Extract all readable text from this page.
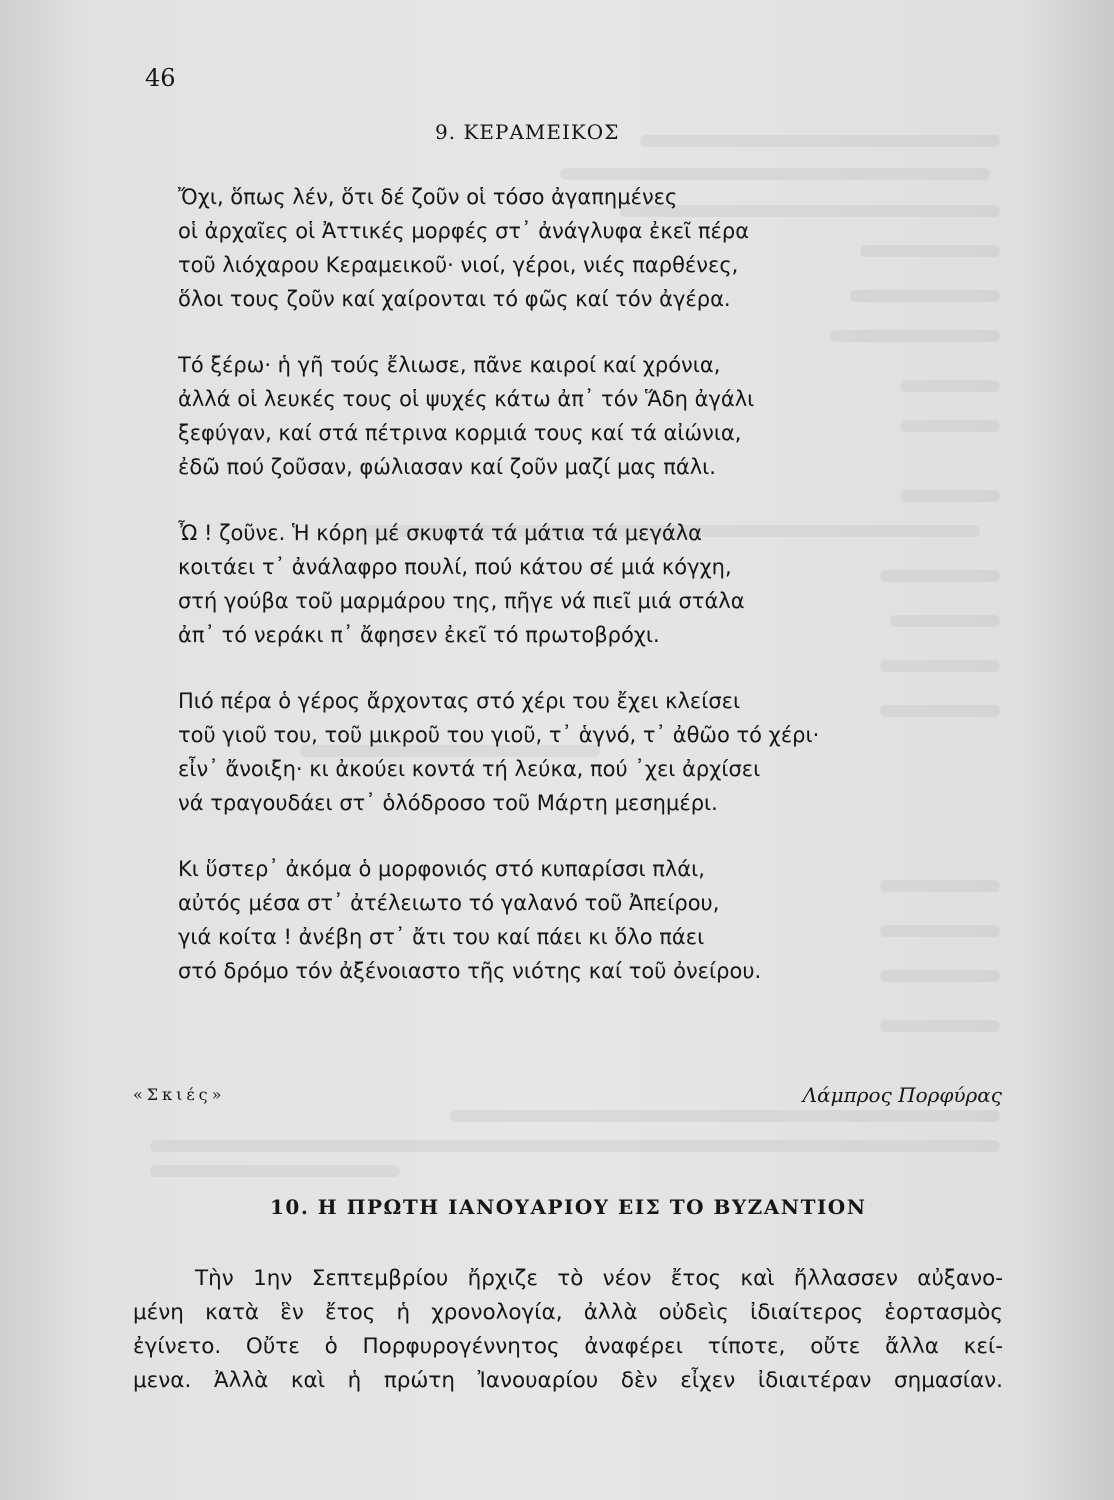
46
9. ΚΕΡΑΜΕΙΚΟΣ
Ὄχι, ὅπως λέν, ὅτι δέ ζοῦν οἱ τόσο ἀγαπημένες
οἱ ἀρχαῖες οἱ Ἀττικές μορφές στ᾽ ἀνάγλυφα ἐκεῖ πέρα
τοῦ λιόχαρου Κεραμεικοῦ· νιοί, γέροι, νιές παρθένες,
ὅλοι τους ζοῦν καί χαίρονται τό φῶς καί τόν ἀγέρα.
Τό ξέρω· ἡ γῆ τούς ἔλιωσε, πᾶνε καιροί καί χρόνια,
ἀλλά οἱ λευκές τους οἱ ψυχές κάτω ἀπ᾽ τόν Ἅδη ἀγάλι
ξεφύγαν, καί στά πέτρινα κορμιά τους καί τά αἰώνια,
ἐδῶ πού ζοῦσαν, φώλιασαν καί ζοῦν μαζί μας πάλι.
Ὦ ! ζοῦνε. Ἡ κόρη μέ σκυφτά τά μάτια τά μεγάλα
κοιτάει τ᾽ ἀνάλαφρο πουλί, πού κάτου σέ μιά κόγχη,
στή γούβα τοῦ μαρμάρου της, πῆγε νά πιεῖ μιά στάλα
ἀπ᾽ τό νεράκι π᾽ ἄφησεν ἐκεῖ τό πρωτοβρόχι.
Πιό πέρα ὁ γέρος ἄρχοντας στό χέρι του ἔχει κλείσει
τοῦ γιοῦ του, τοῦ μικροῦ του γιοῦ, τ᾽ ἁγνό, τ᾽ ἀθῶο τό χέρι·
εἶν᾽ ἄνοιξη· κι ἀκούει κοντά τή λεύκα, πού ᾽χει ἀρχίσει
νά τραγουδάει στ᾽ ὁλόδροσο τοῦ Μάρτη μεσημέρι.
Κι ὕστερ᾽ ἀκόμα ὁ μορφονιός στό κυπαρίσσι πλάι,
αὐτός μέσα στ᾽ ἀτέλειωτο τό γαλανό τοῦ Ἀπείρου,
γιά κοίτα ! ἀνέβη στ᾽ ἄτι του καί πάει κι ὅλο πάει
στό δρόμο τόν ἀξένοιαστο τῆς νιότης καί τοῦ ὀνείρου.
«Σκιές»	Λάμπρος Πορφύρας
10. Η ΠΡΩΤΗ ΙΑΝΟΥΑΡΙΟΥ ΕΙΣ ΤΟ ΒΥΖΑΝΤΙΟΝ
Τὴν 1ην Σεπτεμβρίου ἤρχιζε τὸ νέον ἔτος καὶ ἤλλασσεν αὐξανο-
μένη κατὰ ἓν ἔτος ἡ χρονολογία, ἀλλὰ οὐδεὶς ἰδιαίτερος ἑορτασμὸς
ἐγίνετο. Οὔτε ὁ Πορφυρογέννητος ἀναφέρει τίποτε, οὔτε ἄλλα κεί-
μενα. Ἀλλὰ καὶ ἡ πρώτη Ἰανουαρίου δὲν εἶχεν ἰδιαιτέραν σημασίαν.
